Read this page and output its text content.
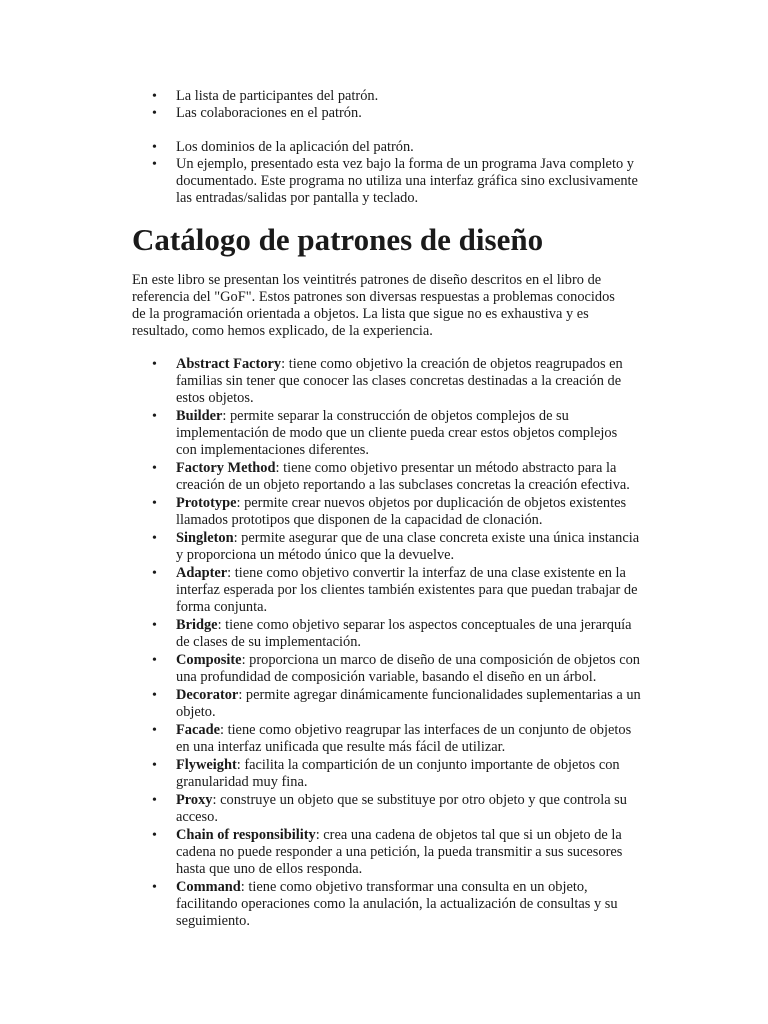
• La lista de participantes del patrón.
• Las colaboraciones en el patrón.
• Los dominios de la aplicación del patrón.
• Un ejemplo, presentado esta vez bajo la forma de un programa Java completo y documentado. Este programa no utiliza una interfaz gráfica sino exclusivamente las entradas/salidas por pantalla y teclado.
Catálogo de patrones de diseño

En este libro se presentan los veintitrés patrones de diseño descritos en el libro de referencia del "GoF". Estos patrones son diversas respuestas a problemas conocidos de la programación orientada a objetos. La lista que sigue no es exhaustiva y es resultado, como hemos explicado, de la experiencia.

• Abstract Factory: tiene como objetivo la creación de objetos reagrupados en familias sin tener que conocer las clases concretas destinadas a la creación de estos objetos.
• Builder: permite separar la construcción de objetos complejos de su implementación de modo que un cliente pueda crear estos objetos complejos con implementaciones diferentes.
• Factory Method: tiene como objetivo presentar un método abstracto para la creación de un objeto reportando a las subclases concretas la creación efectiva.
• Prototype: permite crear nuevos objetos por duplicación de objetos existentes llamados prototipos que disponen de la capacidad de clonación.
• Singleton: permite asegurar que de una clase concreta existe una única instancia y proporciona un método único que la devuelve.
• Adapter: tiene como objetivo convertir la interfaz de una clase existente en la interfaz esperada por los clientes también existentes para que puedan trabajar de forma conjunta.
• Bridge: tiene como objetivo separar los aspectos conceptuales de una jerarquía de clases de su implementación.
• Composite: proporciona un marco de diseño de una composición de objetos con una profundidad de composición variable, basando el diseño en un árbol.
• Decorator: permite agregar dinámicamente funcionalidades suplementarias a un objeto.
• Facade: tiene como objetivo reagrupar las interfaces de un conjunto de objetos en una interfaz unificada que resulte más fácil de utilizar.
• Flyweight: facilita la compartición de un conjunto importante de objetos con granularidad muy fina.
• Proxy: construye un objeto que se substituye por otro objeto y que controla su acceso.
• Chain of responsibility: crea una cadena de objetos tal que si un objeto de la cadena no puede responder a una petición, la pueda transmitir a sus sucesores hasta que uno de ellos responda.
• Command: tiene como objetivo transformar una consulta en un objeto, facilitando operaciones como la anulación, la actualización de consultas y su seguimiento.
